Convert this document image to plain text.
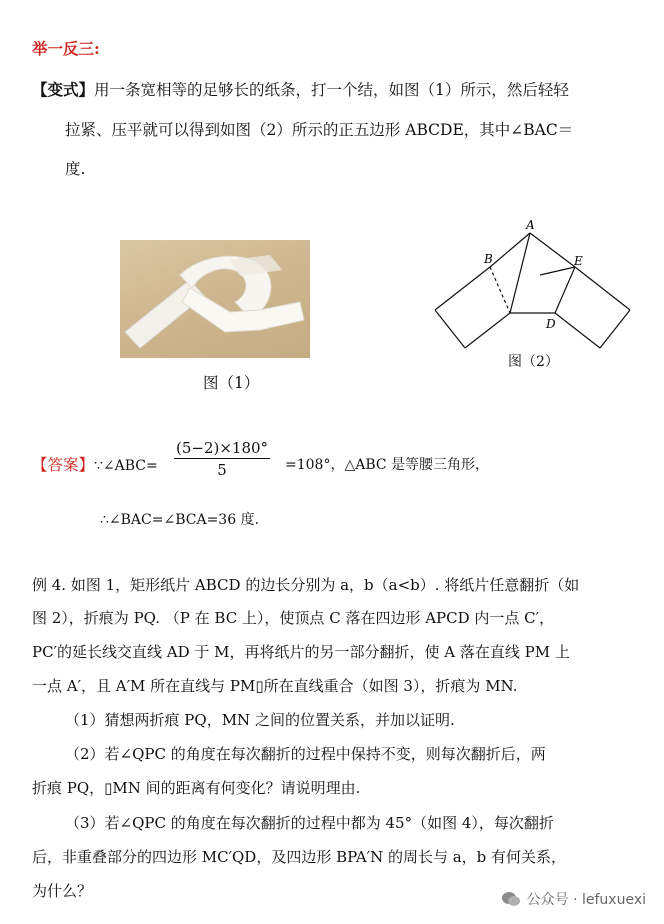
举一反三:
【变式】用一条宽相等的足够长的纸条，打一个结，如图（1）所示，然后轻轻
拉紧、压平就可以得到如图（2）所示的正五边形 ABCDE，其中∠BAC＝
度.
图（1）
A
B	E
D
图（2）
【答案】∵∠ABC= $\frac{(5-2)\times 180^\circ}{5} =108^\circ$，△ABC 是等腰三角形，
∴∠BAC=∠BCA=36 度.
例 4. 如图 1，矩形纸片 ABCD 的边长分别为 a，b（a<b）. 将纸片任意翻折（如
图 2），折痕为 PQ. （P 在 BC 上），使顶点 C 落在四边形 APCD 内一点 C′，
PC′的延长线交直线 AD 于 M，再将纸片的另一部分翻折，使 A 落在直线 PM 上
一点 A′，且 A′M 所在直线与 PM▯所在直线重合（如图 3），折痕为 MN.
（1）猜想两折痕 PQ，MN 之间的位置关系，并加以证明.
（2）若∠QPC 的角度在每次翻折的过程中保持不变，则每次翻折后，两
折痕 PQ，▯MN 间的距离有何变化？请说明理由.
（3）若∠QPC 的角度在每次翻折的过程中都为 45°（如图 4），每次翻折
后，非重叠部分的四边形 MC′QD，及四边形 BPA′N 的周长与 a，b 有何关系，
为什么？	公众号 · lefuxuexi
